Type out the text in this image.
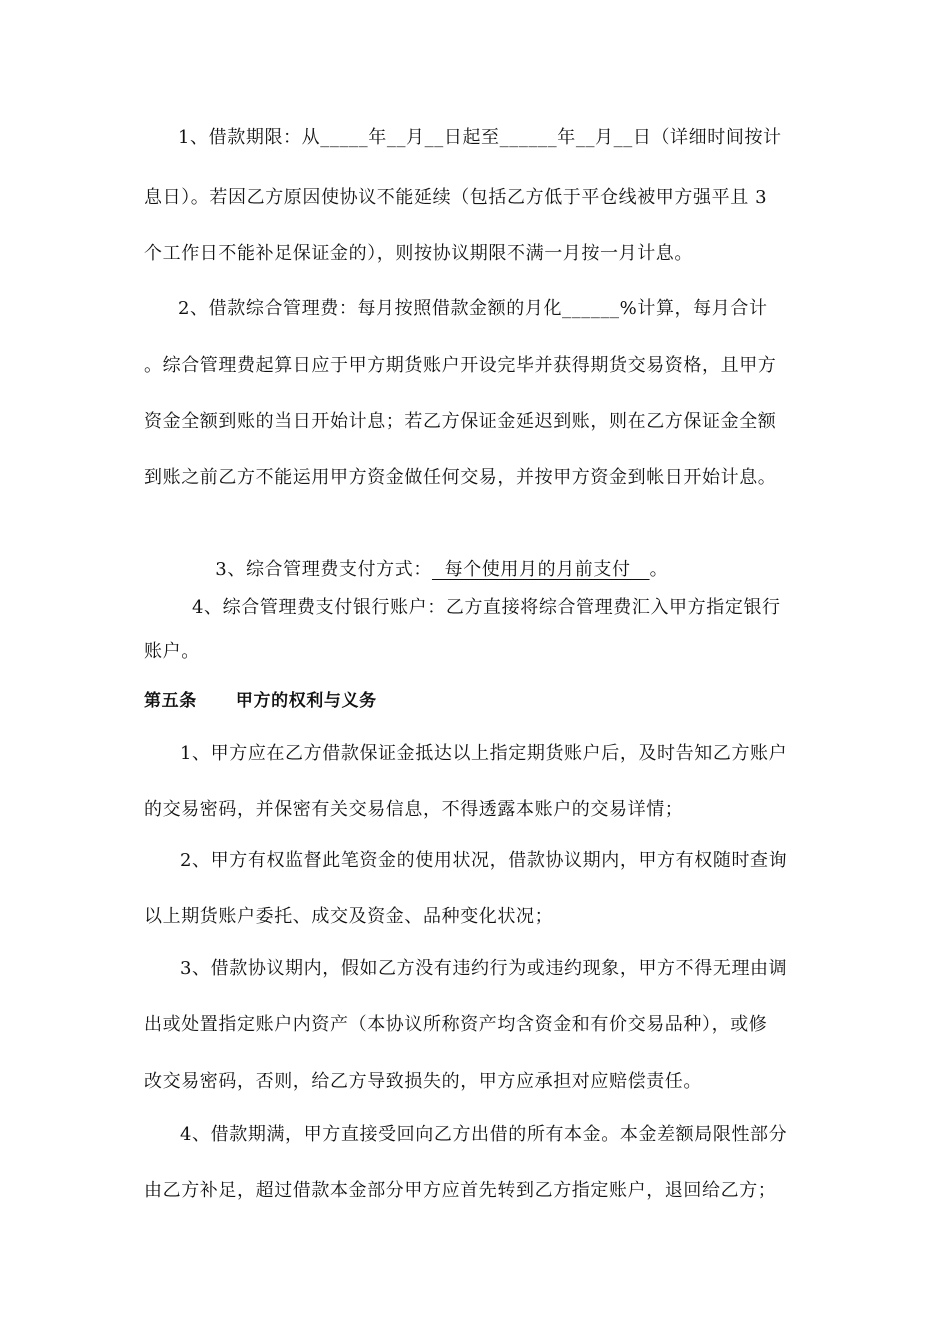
1、借款期限：从_____年__月__日起至______年__月__日（详细时间按计
息日）。若因乙方原因使协议不能延续（包括乙方低于平仓线被甲方强平且 3
个工作日不能补足保证金的），则按协议期限不满一月按一月计息。
2、借款综合管理费：每月按照借款金额的月化______%计算，每月合计
。综合管理费起算日应于甲方期货账户开设完毕并获得期货交易资格，且甲方
资金全额到账的当日开始计息；若乙方保证金延迟到账，则在乙方保证金全额
到账之前乙方不能运用甲方资金做任何交易，并按甲方资金到帐日开始计息。

3、综合管理费支付方式：  每个使用月的月前支付   。

4、综合管理费支付银行账户：乙方直接将综合管理费汇入甲方指定银行
账户。
第五条      甲方的权利与义务
1、甲方应在乙方借款保证金抵达以上指定期货账户后，及时告知乙方账户
的交易密码，并保密有关交易信息，不得透露本账户的交易详情；
2、甲方有权监督此笔资金的使用状况，借款协议期内，甲方有权随时查询
以上期货账户委托、成交及资金、品种变化状况；
3、借款协议期内，假如乙方没有违约行为或违约现象，甲方不得无理由调
出或处置指定账户内资产（本协议所称资产均含资金和有价交易品种），或修
改交易密码，否则，给乙方导致损失的，甲方应承担对应赔偿责任。
4、借款期满，甲方直接受回向乙方出借的所有本金。本金差额局限性部分
由乙方补足，超过借款本金部分甲方应首先转到乙方指定账户，退回给乙方；
